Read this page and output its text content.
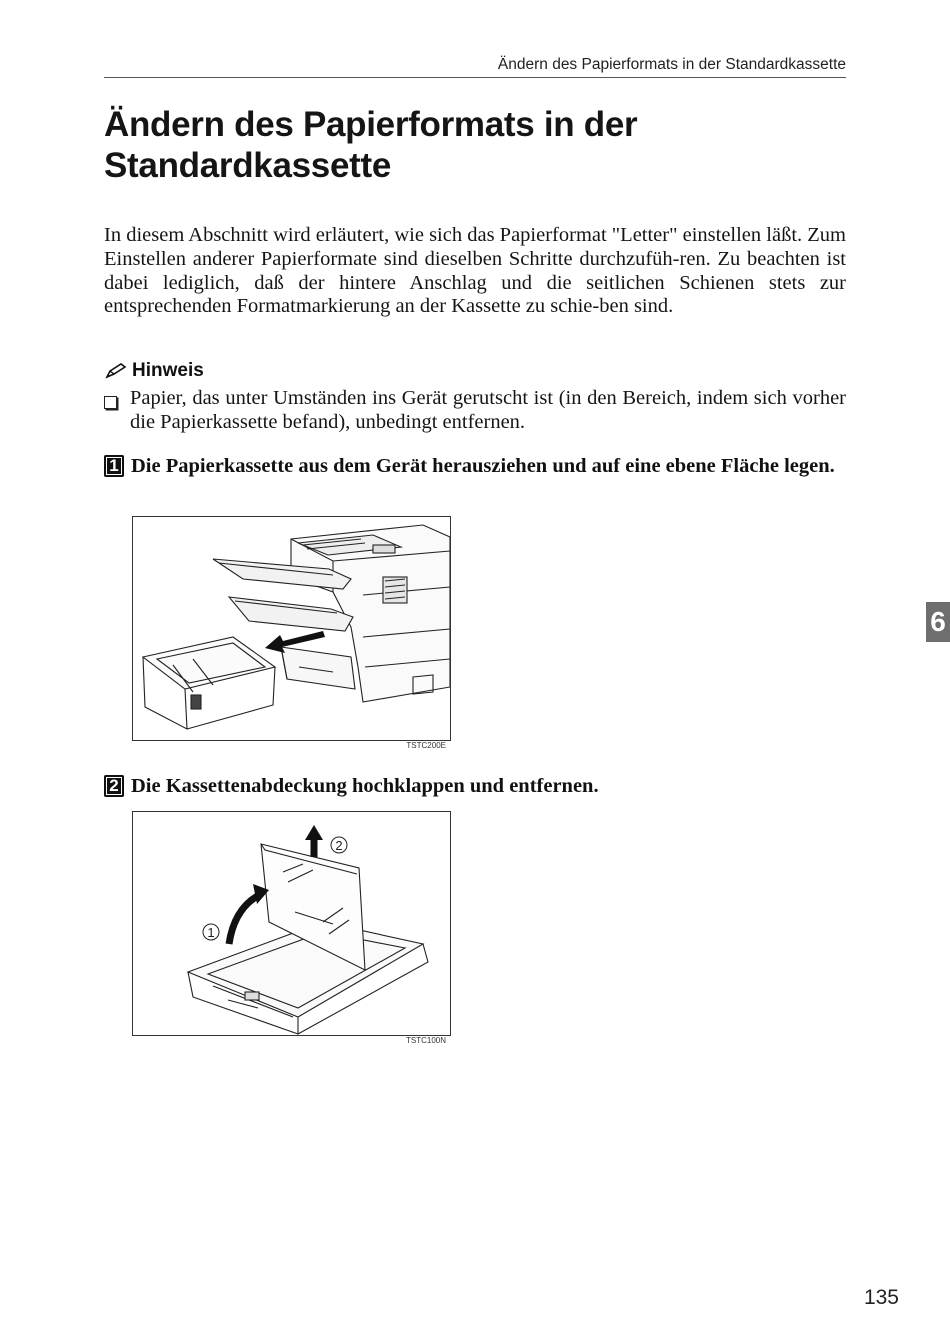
Ändern des Papierformats in der Standardkassette
Ändern des Papierformats in der Standardkassette

In diesem Abschnitt wird erläutert, wie sich das Papierformat "Letter" einstellen läßt. Zum Einstellen anderer Papierformate sind dieselben Schritte durchzufüh-ren. Zu beachten ist dabei lediglich, daß der hintere Anschlag und die seitlichen Schienen stets zur entsprechenden Formatmarkierung an der Kassette zu schie-ben sind.

Hinweis
Papier, das unter Umständen ins Gerät gerutscht ist (in den Bereich, indem sich vorher die Papierkassette befand), unbedingt entfernen.
1 Die Papierkassette aus dem Gerät herausziehen und auf eine ebene Fläche legen.
TSTC200E
2 Die Kassettenabdeckung hochklappen und entfernen.
1
2
TSTC100N
6
135
